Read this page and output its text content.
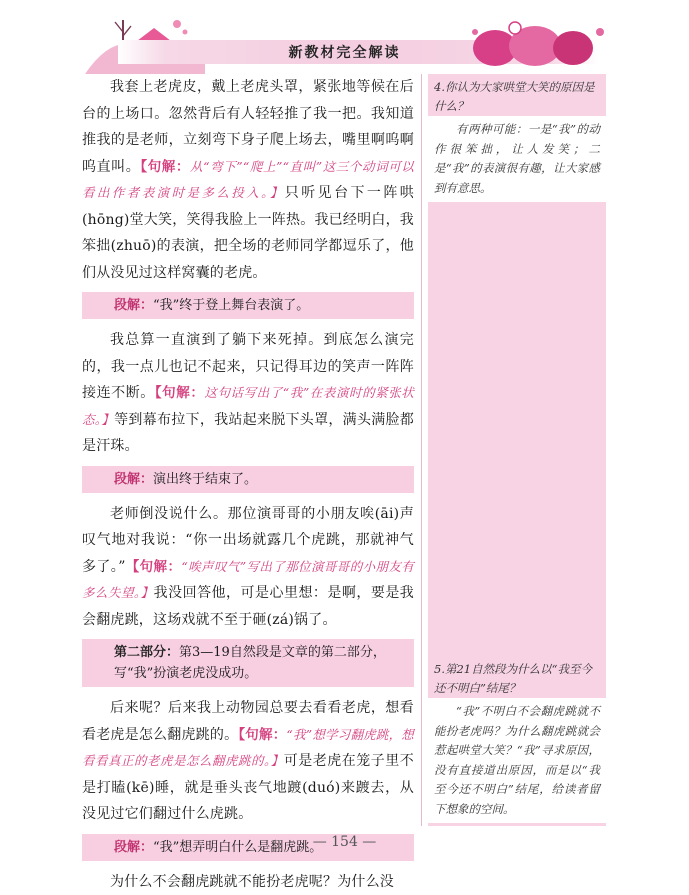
新教材完全解读

我套上老虎皮，戴上老虎头罩，紧张地等候在后台的上场口。忽然背后有人轻轻推了我一把。我知道推我的是老师，立刻弯下身子爬上场去，嘴里啊呜啊呜直叫。【句解：从“弯下”“爬上”“直叫”这三个动词可以看出作者表演时是多么投入。】只听见台下一阵哄(hōng)堂大笑，笑得我脸上一阵热。我已经明白，我笨拙(zhuō)的表演，把全场的老师同学都逗乐了，他们从没见过这样窝囊的老虎。

段解：“我”终于登上舞台表演了。

我总算一直演到了躺下来死掉。到底怎么演完的，我一点儿也记不起来，只记得耳边的笑声一阵阵接连不断。【句解：这句话写出了“我”在表演时的紧张状态。】等到幕布拉下，我站起来脱下头罩，满头满脸都是汗珠。

段解：演出终于结束了。

老师倒没说什么。那位演哥哥的小朋友唉(āi)声叹气地对我说：“你一出场就露几个虎跳，那就神气多了。”【句解：“唉声叹气”写出了那位演哥哥的小朋友有多么失望。】我没回答他，可是心里想：是啊，要是我会翻虎跳，这场戏就不至于砸(zá)锅了。

第二部分：第3—19自然段是文章的第二部分，写“我”扮演老虎没成功。

后来呢？后来我上动物园总要去看看老虎，想看看老虎是怎么翻虎跳的。【句解：“我”想学习翻虎跳，想看看真正的老虎是怎么翻虎跳的。】可是老虎在笼子里不是打瞌(kē)睡，就是垂头丧气地踱(duó)来踱去，从没见过它们翻过什么虎跳。

段解：“我”想弄明白什么是翻虎跳。

为什么不会翻虎跳就不能扮老虎呢？为什么没

4.你认为大家哄堂大笑的原因是什么？
有两种可能：一是“我”的动作很笨拙，让人发笑；二是“我”的表演很有趣，让大家感到有意思。
5.第21自然段为什么以“我至今还不明白”结尾？
“我”不明白不会翻虎跳就不能扮老虎吗？为什么翻虎跳就会惹起哄堂大笑？“我”寻求原因，没有直接道出原因，而是以“我至今还不明白”结尾，给读者留下想象的空间。
— 154 —
